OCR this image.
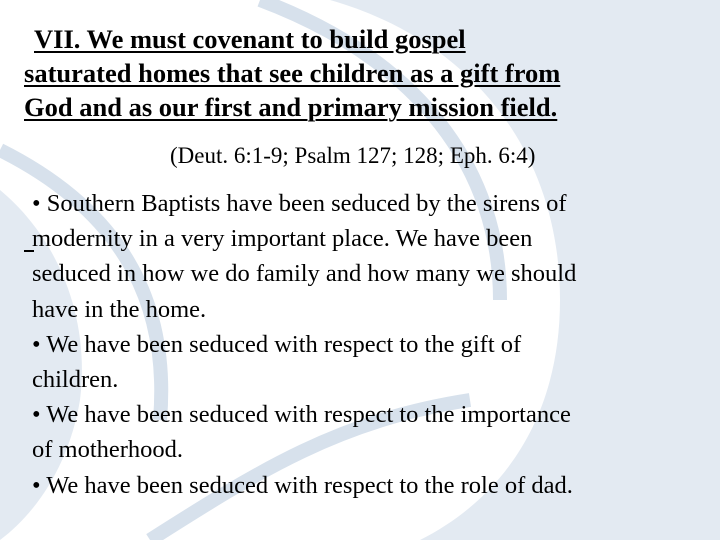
VII. We must covenant to build gospel
saturated homes that see children as a gift from
God and as our first and primary mission field.
(Deut. 6:1-9; Psalm 127; 128; Eph. 6:4)
• Southern Baptists have been seduced by the sirens of
modernity in a very important place. We have been
seduced in how we do family and how many we should
have in the home.
• We have been seduced with respect to the gift of
children.
• We have been seduced with respect to the importance
of motherhood.
• We have been seduced with respect to the role of dad.
